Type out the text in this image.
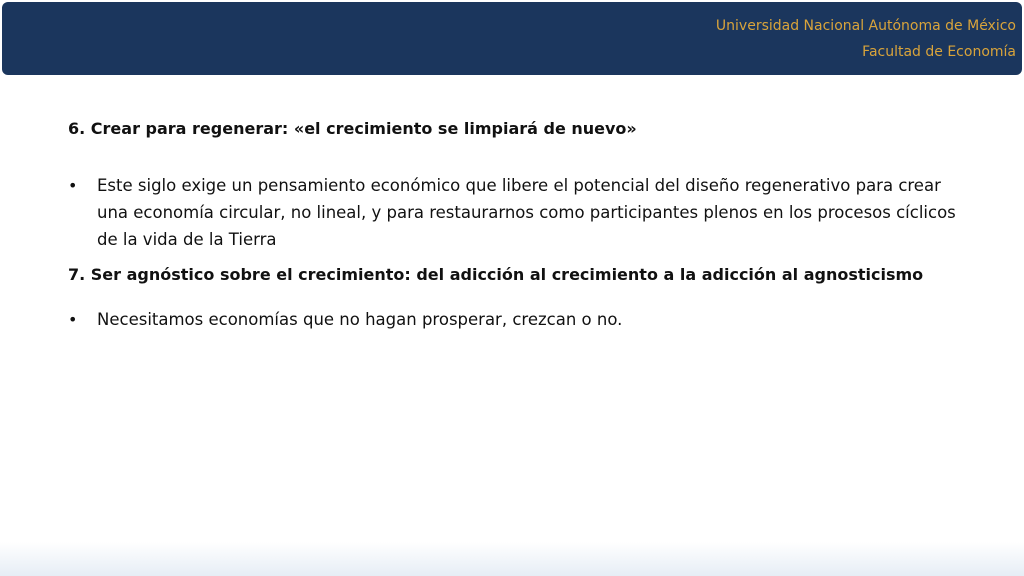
Universidad Nacional Autónoma de México
Facultad de Economía

6. Crear para regenerar: «el crecimiento se limpiará de nuevo»

• Este siglo exige un pensamiento económico que libere el potencial del diseño regenerativo para crear una economía circular, no lineal, y para restaurarnos como participantes plenos en los procesos cíclicos de la vida de la Tierra

7. Ser agnóstico sobre el crecimiento: del adicción al crecimiento a la adicción al agnosticismo

• Necesitamos economías que no hagan prosperar, crezcan o no.
